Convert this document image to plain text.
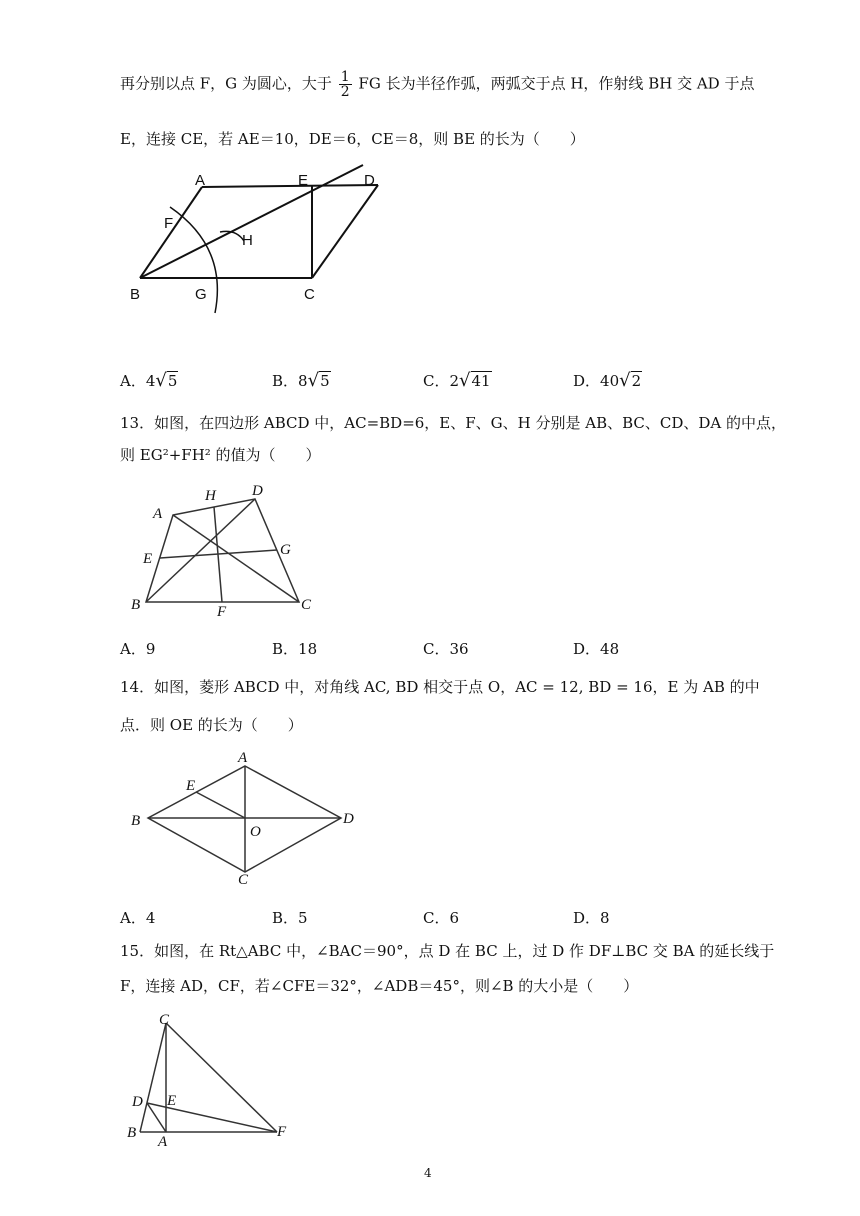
再分别以点 F，G 为圆心，大于 $\frac{1}{2}$ FG 长为半径作弧，两弧交于点 H，作射线 BH 交 AD 于点
E，连接 CE，若 AE＝10，DE＝6，CE＝8，则 BE 的长为（　　）
A	E	D
F
H
B	G	C
A．4√5	B．8√5	C．2√41	D．40√2
13．如图，在四边形 ABCD 中，AC=BD=6，E、F、G、H 分别是 AB、BC、CD、DA 的中点，
则 EG²+FH² 的值为（　　）
A
H D
E
G
B	F	C
A．9	B．18	C．36	D．48
14．如图，菱形 ABCD 中，对角线 AC, BD 相交于点 O，AC = 12, BD = 16，E 为 AB 的中
点．则 OE 的长为（　　）
A
E
B
O
D
C
A．4	B．5	C．6	D．8
15．如图，在 Rt△ABC 中，∠BAC＝90°，点 D 在 BC 上，过 D 作 DF⊥BC 交 BA 的延长线于
F，连接 AD，CF，若∠CFE＝32°，∠ADB＝45°，则∠B 的大小是（　　）
C
D E
B
A
F
4
